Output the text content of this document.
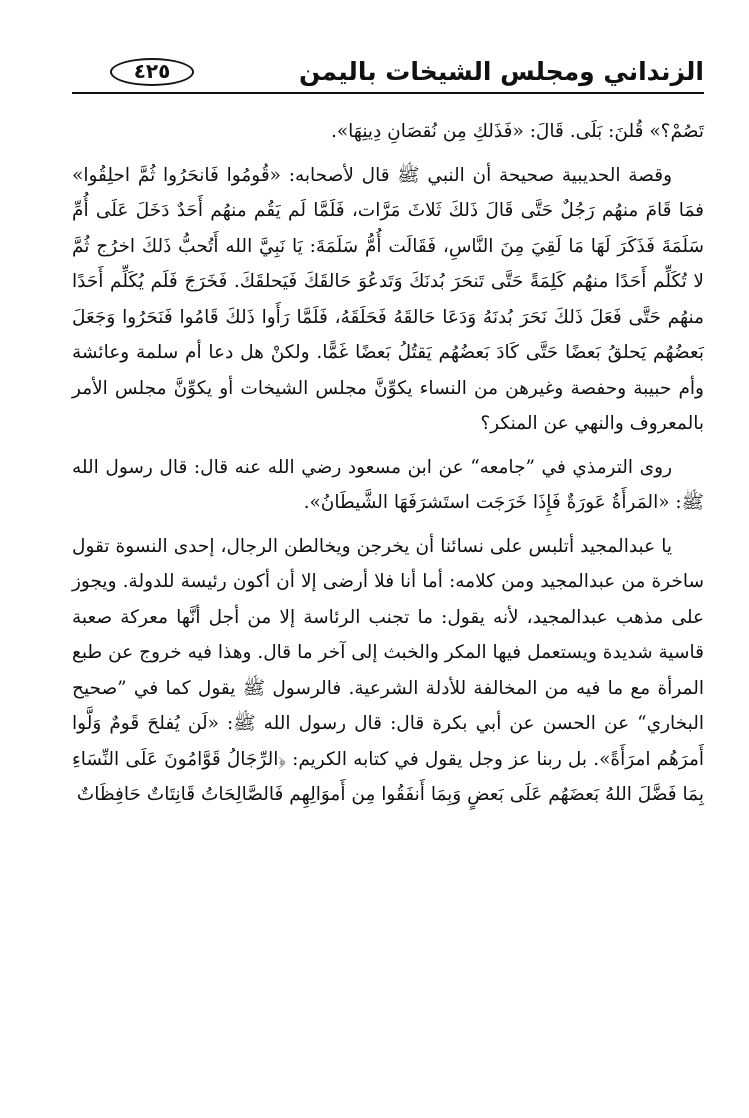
الزنداني ومجلس الشيخات باليمن
٤٢٥

تَصُمْ؟» قُلنَ: بَلَى. قَالَ: «فَذَلكِ مِن نُقصَانِ دِينِهَا».

وقصة الحديبية صحيحة أن النبي ﷺ قال لأصحابه: «قُومُوا فَانحَرُوا ثُمَّ احلِقُوا» فمَا قَامَ منهُم رَجُلٌ حَتَّى قَالَ ذَلكَ ثَلاثَ مَرَّات، فَلَمَّا لَم يَقُم منهُم أَحَدٌ دَخَلَ عَلَى أُمِّ سَلَمَةَ فَذَكَرَ لَهَا مَا لَقِيَ مِنَ النَّاسِ، فَقَالَت أُمُّ سَلَمَةَ: يَا نَبِيَّ الله أَتُحبُّ ذَلكَ اخرُج ثُمَّ لا تُكَلِّم أَحَدًا منهُم كَلِمَةً حَتَّى تَنحَرَ بُدنَكَ وَتَدعُوَ حَالقَكَ فَيَحلقَكَ. فَخَرَجَ فَلَم يُكَلِّم أَحَدًا منهُم حَتَّى فَعَلَ ذَلكَ نَحَرَ بُدنَهُ وَدَعَا حَالقَهُ فَحَلَقَهُ، فَلَمَّا رَأَوا ذَلكَ قَامُوا فَنَحَرُوا وَجَعَلَ بَعضُهُم يَحلقُ بَعضًا حَتَّى كَادَ بَعضُهُم يَقتُلُ بَعضًا غَمًّا. ولكنْ هل دعا أم سلمة وعائشة وأم حبيبة وحفصة وغيرهن من النساء يكوِّنَّ مجلس الشيخات أو يكوِّنَّ مجلس الأمر بالمعروف والنهي عن المنكر؟

روى الترمذي في ”جامعه“ عن ابن مسعود رضي الله عنه قال: قال رسول الله ﷺ: «المَرأَةُ عَورَةٌ فَإِذَا خَرَجَت استَشرَفَهَا الشَّيطَانُ».

يا عبدالمجيد أتلبس على نسائنا أن يخرجن ويخالطن الرجال، إحدى النسوة تقول ساخرة من عبدالمجيد ومن كلامه: أما أنا فلا أرضى إلا أن أكون رئيسة للدولة. ويجوز على مذهب عبدالمجيد، لأنه يقول: ما تجنب الرئاسة إلا من أجل أنَّها معركة صعبة قاسية شديدة ويستعمل فيها المكر والخبث إلى آخر ما قال. وهذا فيه خروج عن طبع المرأة مع ما فيه من المخالفة للأدلة الشرعية. فالرسول ﷺ يقول كما في ”صحيح البخاري“ عن الحسن عن أبي بكرة قال: قال رسول الله ﷺ: «لَن يُفلحَ قَومٌ وَلَّوا أَمرَهُم امرَأَةً». بل ربنا عز وجل يقول في كتابه الكريم: ﴿الرِّجَالُ قَوَّامُونَ عَلَى النِّسَاءِ بِمَا فَضَّلَ اللهُ بَعضَهُم عَلَى بَعضٍ وَبِمَا أَنفَقُوا مِن أَموَالِهِم فَالصَّالِحَاتُ قَانِتَاتٌ حَافِظَاتٌ
